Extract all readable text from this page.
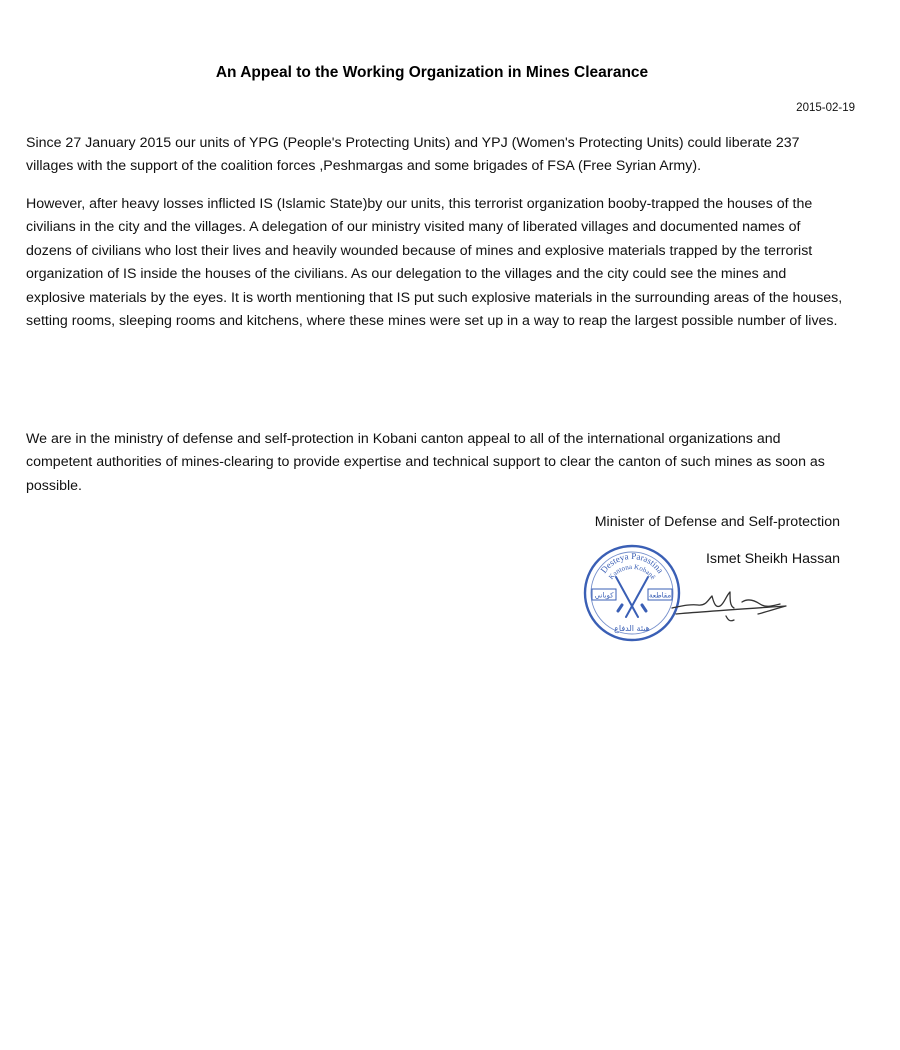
An Appeal to the Working Organization in Mines Clearance
2015-02-19

Since 27 January 2015 our units of YPG (People's Protecting Units) and YPJ (Women's Protecting Units) could liberate 237 villages with the support of the coalition forces ,Peshmargas and some brigades of FSA (Free Syrian Army).

However, after heavy losses inflicted IS (Islamic State)by our units, this terrorist organization booby-trapped the houses of the civilians in the city and the villages. A delegation of our ministry visited many of liberated villages and documented names of dozens of civilians who lost their lives and heavily wounded because of mines and explosive materials trapped by the terrorist organization of IS inside the houses of the civilians. As our delegation to the villages and the city could see the mines and explosive materials by the eyes. It is worth mentioning that IS put such explosive materials in the surrounding areas of the houses, setting rooms, sleeping rooms and kitchens, where these mines were set up in a way to reap the largest possible number of lives.

We are in the ministry of defense and self-protection in Kobani canton appeal to all of the international organizations and competent authorities of mines-clearing to provide expertise and technical support to clear the canton of such mines as soon as possible.

Minister of Defense and Self-protection
Desteya Parastina
Kantona Kobanê
كوباني	مقاطعة
هيئة الدفاع
Ismet Sheikh Hassan
